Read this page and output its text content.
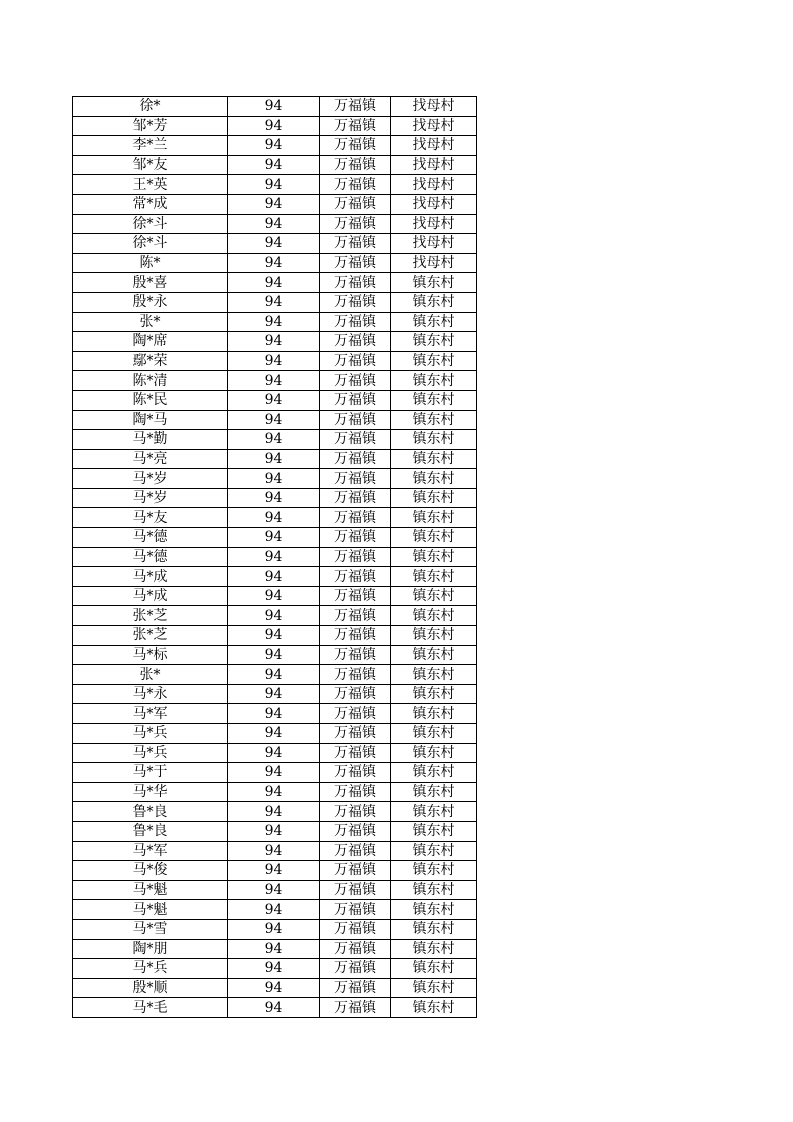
徐*	94	万福镇	找母村
邹*芳	94	万福镇	找母村
李*兰	94	万福镇	找母村
邹*友	94	万福镇	找母村
王*英	94	万福镇	找母村
常*成	94	万福镇	找母村
徐*斗	94	万福镇	找母村
徐*斗	94	万福镇	找母村
陈*	94	万福镇	找母村
殷*喜	94	万福镇	镇东村
殷*永	94	万福镇	镇东村
张*	94	万福镇	镇东村
陶*席	94	万福镇	镇东村
鄢*荣	94	万福镇	镇东村
陈*清	94	万福镇	镇东村
陈*民	94	万福镇	镇东村
陶*马	94	万福镇	镇东村
马*勤	94	万福镇	镇东村
马*亮	94	万福镇	镇东村
马*岁	94	万福镇	镇东村
马*岁	94	万福镇	镇东村
马*友	94	万福镇	镇东村
马*德	94	万福镇	镇东村
马*德	94	万福镇	镇东村
马*成	94	万福镇	镇东村
马*成	94	万福镇	镇东村
张*芝	94	万福镇	镇东村
张*芝	94	万福镇	镇东村
马*标	94	万福镇	镇东村
张*	94	万福镇	镇东村
马*永	94	万福镇	镇东村
马*军	94	万福镇	镇东村
马*兵	94	万福镇	镇东村
马*兵	94	万福镇	镇东村
马*于	94	万福镇	镇东村
马*华	94	万福镇	镇东村
鲁*良	94	万福镇	镇东村
鲁*良	94	万福镇	镇东村
马*军	94	万福镇	镇东村
马*俊	94	万福镇	镇东村
马*魁	94	万福镇	镇东村
马*魁	94	万福镇	镇东村
马*雪	94	万福镇	镇东村
陶*朋	94	万福镇	镇东村
马*兵	94	万福镇	镇东村
殷*顺	94	万福镇	镇东村
马*毛	94	万福镇	镇东村
